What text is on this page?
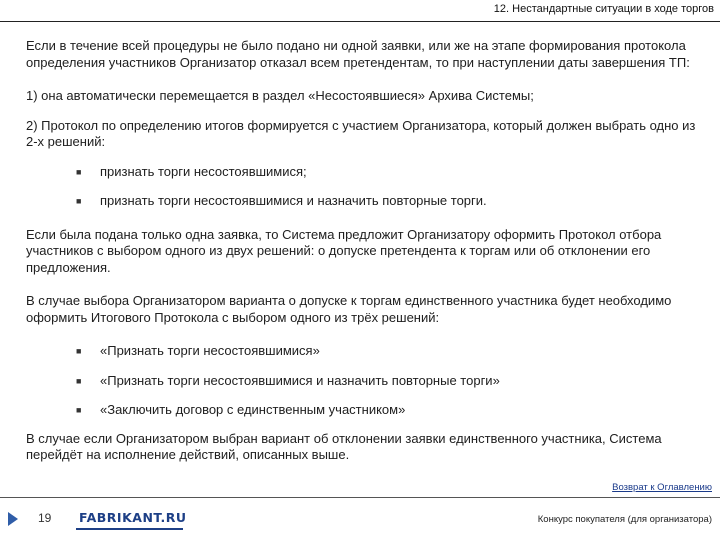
12. Нестандартные ситуации в ходе торгов

Если в течение всей процедуры не было подано ни одной заявки, или же на этапе формирования протокола определения участников Организатор отказал всем претендентам, то при наступлении даты завершения ТП:

1) она автоматически перемещается в раздел «Несостоявшиеся» Архива Системы;

2) Протокол по определению итогов формируется с участием Организатора, который должен выбрать одно из 2-х решений:

■	признать торги несостоявшимися;
■	признать торги несостоявшимися и назначить повторные торги.

Если была подана только одна заявка, то Система предложит Организатору оформить Протокол отбора участников с выбором одного из двух решений: о допуске претендента к торгам или об отклонении его предложения.

В случае выбора Организатором варианта о допуске к торгам единственного участника будет необходимо оформить Итогового Протокола с выбором одного из трёх решений:

■	«Признать торги несостоявшимися»
■	«Признать торги несостоявшимися и назначить повторные торги»
■	«Заключить договор с единственным участником»

В случае если Организатором выбран вариант об отклонении заявки единственного участника, Система перейдёт на исполнение действий, описанных выше.

Возврат к Оглавлению
19 FABRIKANT.RU	Конкурс покупателя (для организатора)
